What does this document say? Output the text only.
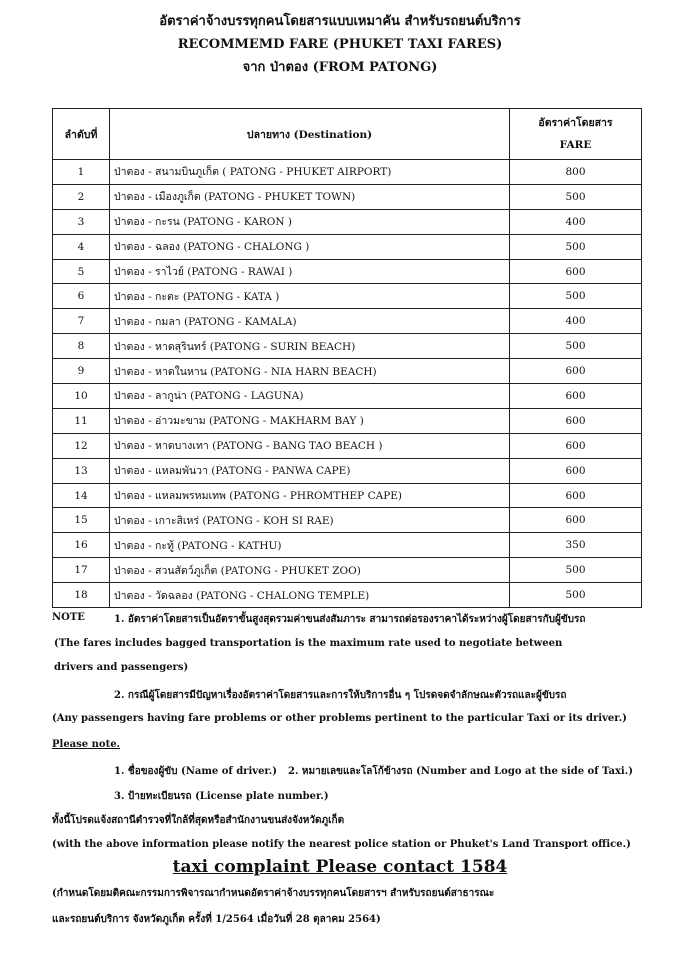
อัตราค่าจ้างบรรทุกคนโดยสารแบบเหมาคัน สำหรับรถยนต์บริการ
RECOMMEMD FARE (PHUKET TAXI FARES)
จาก ป่าตอง (FROM PATONG)
ลำดับที่	ปลายทาง (Destination)	อัตราค่าโดยสาร
FARE

1	ป่าตอง - สนามบินภูเก็ต ( PATONG - PHUKET AIRPORT)	800
2	ป่าตอง - เมืองภูเก็ต (PATONG - PHUKET TOWN)	500
3	ป่าตอง - กะรน (PATONG - KARON )	400
4	ป่าตอง - ฉลอง (PATONG - CHALONG )	500
5	ป่าตอง - ราไวย์ (PATONG - RAWAI )	600
6	ป่าตอง - กะตะ (PATONG - KATA )	500
7	ป่าตอง - กมลา (PATONG - KAMALA)	400
8	ป่าตอง - หาดสุรินทร์ (PATONG - SURIN BEACH)	500
9	ป่าตอง - หาดในหาน (PATONG - NIA HARN BEACH)	600
10	ป่าตอง - ลากูน่า (PATONG - LAGUNA)	600
11	ป่าตอง - อ่าวมะขาม (PATONG - MAKHARM BAY )	600
12	ป่าตอง - หาดบางเทา (PATONG - BANG TAO BEACH )	600
13	ป่าตอง - แหลมพันวา (PATONG - PANWA CAPE)	600
14	ป่าตอง - แหลมพรหมเทพ (PATONG - PHROMTHEP CAPE)	600
15	ป่าตอง - เกาะสิเหร่ (PATONG - KOH SI RAE)	600
16	ป่าตอง - กะทู้ (PATONG - KATHU)	350
17	ป่าตอง - สวนสัตว์ภูเก็ต (PATONG - PHUKET ZOO)	500
18	ป่าตอง - วัดฉลอง (PATONG - CHALONG TEMPLE)	500
NOTE	1. อัตราค่าโดยสารเป็นอัตราขั้นสูงสุดรวมค่าขนส่งสัมภาระ สามารถต่อรองราคาได้ระหว่างผู้โดยสารกับผู้ขับรถ
(The fares includes bagged transportation is the maximum rate used to negotiate between
drivers and passengers)
2. กรณีผู้โดยสารมีปัญหาเรื่องอัตราค่าโดยสารและการให้บริการอื่น ๆ โปรดจดจำลักษณะตัวรถและผู้ขับรถ
(Any passengers having fare problems or other problems pertinent to the particular Taxi or its driver.)
Please note.
1. ชื่อของผู้ขับ (Name of driver.) 2. หมายเลขและโลโก้ข้างรถ (Number and Logo at the side of Taxi.)
3. ป้ายทะเบียนรถ (License plate number.)
ทั้งนี้โปรดแจ้งสถานีตำรวจที่ใกล้ที่สุดหรือสำนักงานขนส่งจังหวัดภูเก็ต
(with the above information please notify the nearest police station or Phuket's Land Transport office.)
taxi complaint Please contact 1584
(กำหนดโดยมติคณะกรรมการพิจารณากำหนดอัตราค่าจ้างบรรทุกคนโดยสารฯ สำหรับรถยนต์สาธารณะ
และรถยนต์บริการ จังหวัดภูเก็ต ครั้งที่ 1/2564 เมื่อวันที่ 28 ตุลาคม 2564)
